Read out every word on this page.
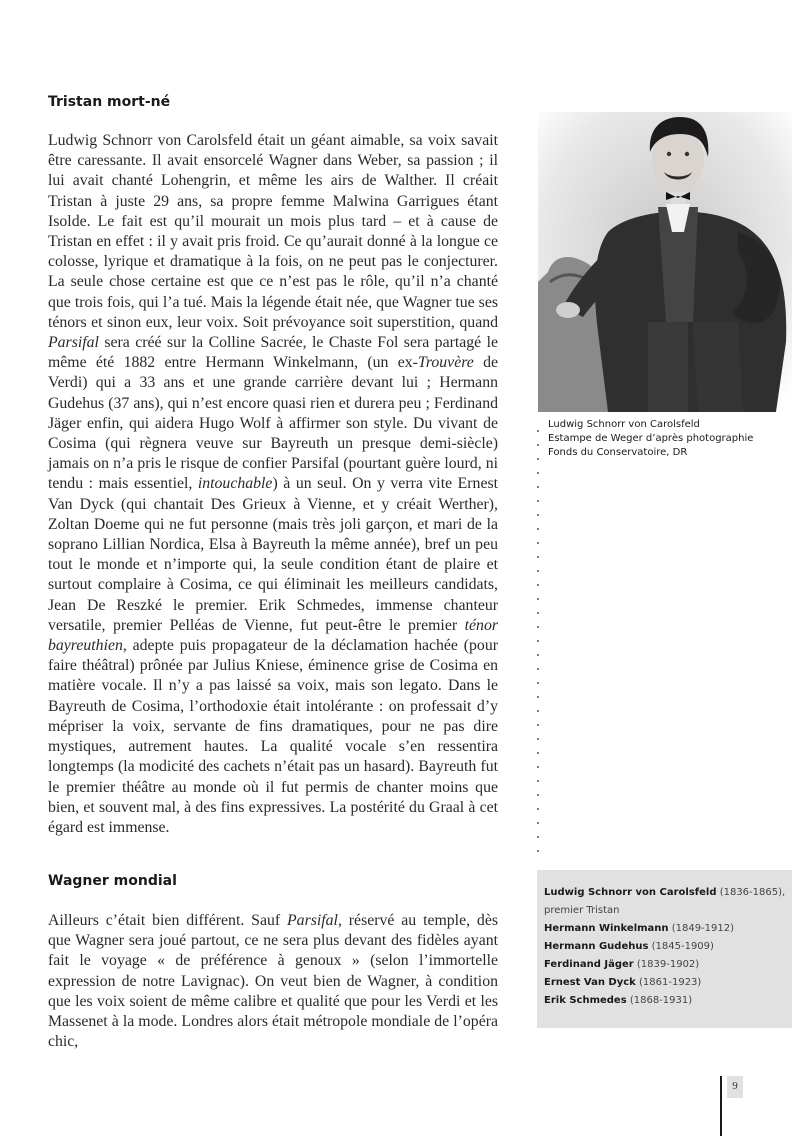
Tristan mort-né

Ludwig Schnorr von Carolsfeld était un géant aimable, sa voix savait être caressante. Il avait ensorcelé Wagner dans Weber, sa passion ; il lui avait chanté Lohengrin, et même les airs de Walther. Il créait Tristan à juste 29 ans, sa propre femme Malwina Garrigues étant Isolde. Le fait est qu’il mourait un mois plus tard – et à cause de Tristan en effet : il y avait pris froid. Ce qu’aurait donné à la longue ce colosse, lyrique et dramatique à la fois, on ne peut pas le conjecturer. La seule chose certaine est que ce n’est pas le rôle, qu’il n’a chanté que trois fois, qui l’a tué. Mais la légende était née, que Wagner tue ses ténors et sinon eux, leur voix. Soit prévoyance soit superstition, quand Parsifal sera créé sur la Colline Sacrée, le Chaste Fol sera partagé le même été 1882 entre Hermann Winkelmann, (un ex-Trouvère de Verdi) qui a 33 ans et une grande carrière devant lui ; Hermann Gudehus (37 ans), qui n’est encore quasi rien et durera peu ; Ferdinand Jäger enfin, qui aidera Hugo Wolf à affirmer son style. Du vivant de Cosima (qui règnera veuve sur Bayreuth un presque demi-siècle) jamais on n’a pris le risque de confier Parsifal (pourtant guère lourd, ni tendu : mais essentiel, intouchable) à un seul. On y verra vite Ernest Van Dyck (qui chantait Des Grieux à Vienne, et y créait Werther), Zoltan Doeme qui ne fut personne (mais très joli garçon, et mari de la soprano Lillian Nordica, Elsa à Bayreuth la même année), bref un peu tout le monde et n’importe qui, la seule condition étant de plaire et surtout complaire à Cosima, ce qui éliminait les meilleurs candidats, Jean De Reszké le premier. Erik Schmedes, immense chanteur versatile, premier Pelléas de Vienne, fut peut-être le premier ténor bayreuthien, adepte puis propagateur de la déclamation hachée (pour faire théâtral) prônée par Julius Kniese, éminence grise de Cosima en matière vocale. Il n’y a pas laissé sa voix, mais son legato. Dans le Bayreuth de Cosima, l’orthodoxie était intolérante : on professait d’y mépriser la voix, servante de fins dramatiques, pour ne pas dire mystiques, autrement hautes. La qualité vocale s’en ressentira longtemps (la modicité des cachets n’était pas un hasard). Bayreuth fut le premier théâtre au monde où il fut permis de chanter moins que bien, et souvent mal, à des fins expressives. La postérité du Graal à cet égard est immense.

Wagner mondial

Ailleurs c’était bien différent. Sauf Parsifal, réservé au temple, dès que Wagner sera joué partout, ce ne sera plus devant des fidèles ayant fait le voyage « de préférence à genoux » (selon l’immortelle expression de notre Lavignac). On veut bien de Wagner, à condition que les voix soient de même calibre et qualité que pour les Verdi et les Massenet à la mode. Londres alors était métropole mondiale de l’opéra chic,

Ludwig Schnorr von Carolsfeld
Estampe de Weger d’après photographie
Fonds du Conservatoire, DR
Ludwig Schnorr von Carolsfeld (1836-1865),
premier Tristan
Hermann Winkelmann (1849-1912)
Hermann Gudehus (1845-1909)
Ferdinand Jäger (1839-1902)
Ernest Van Dyck (1861-1923)
Erik Schmedes (1868-1931)
9
